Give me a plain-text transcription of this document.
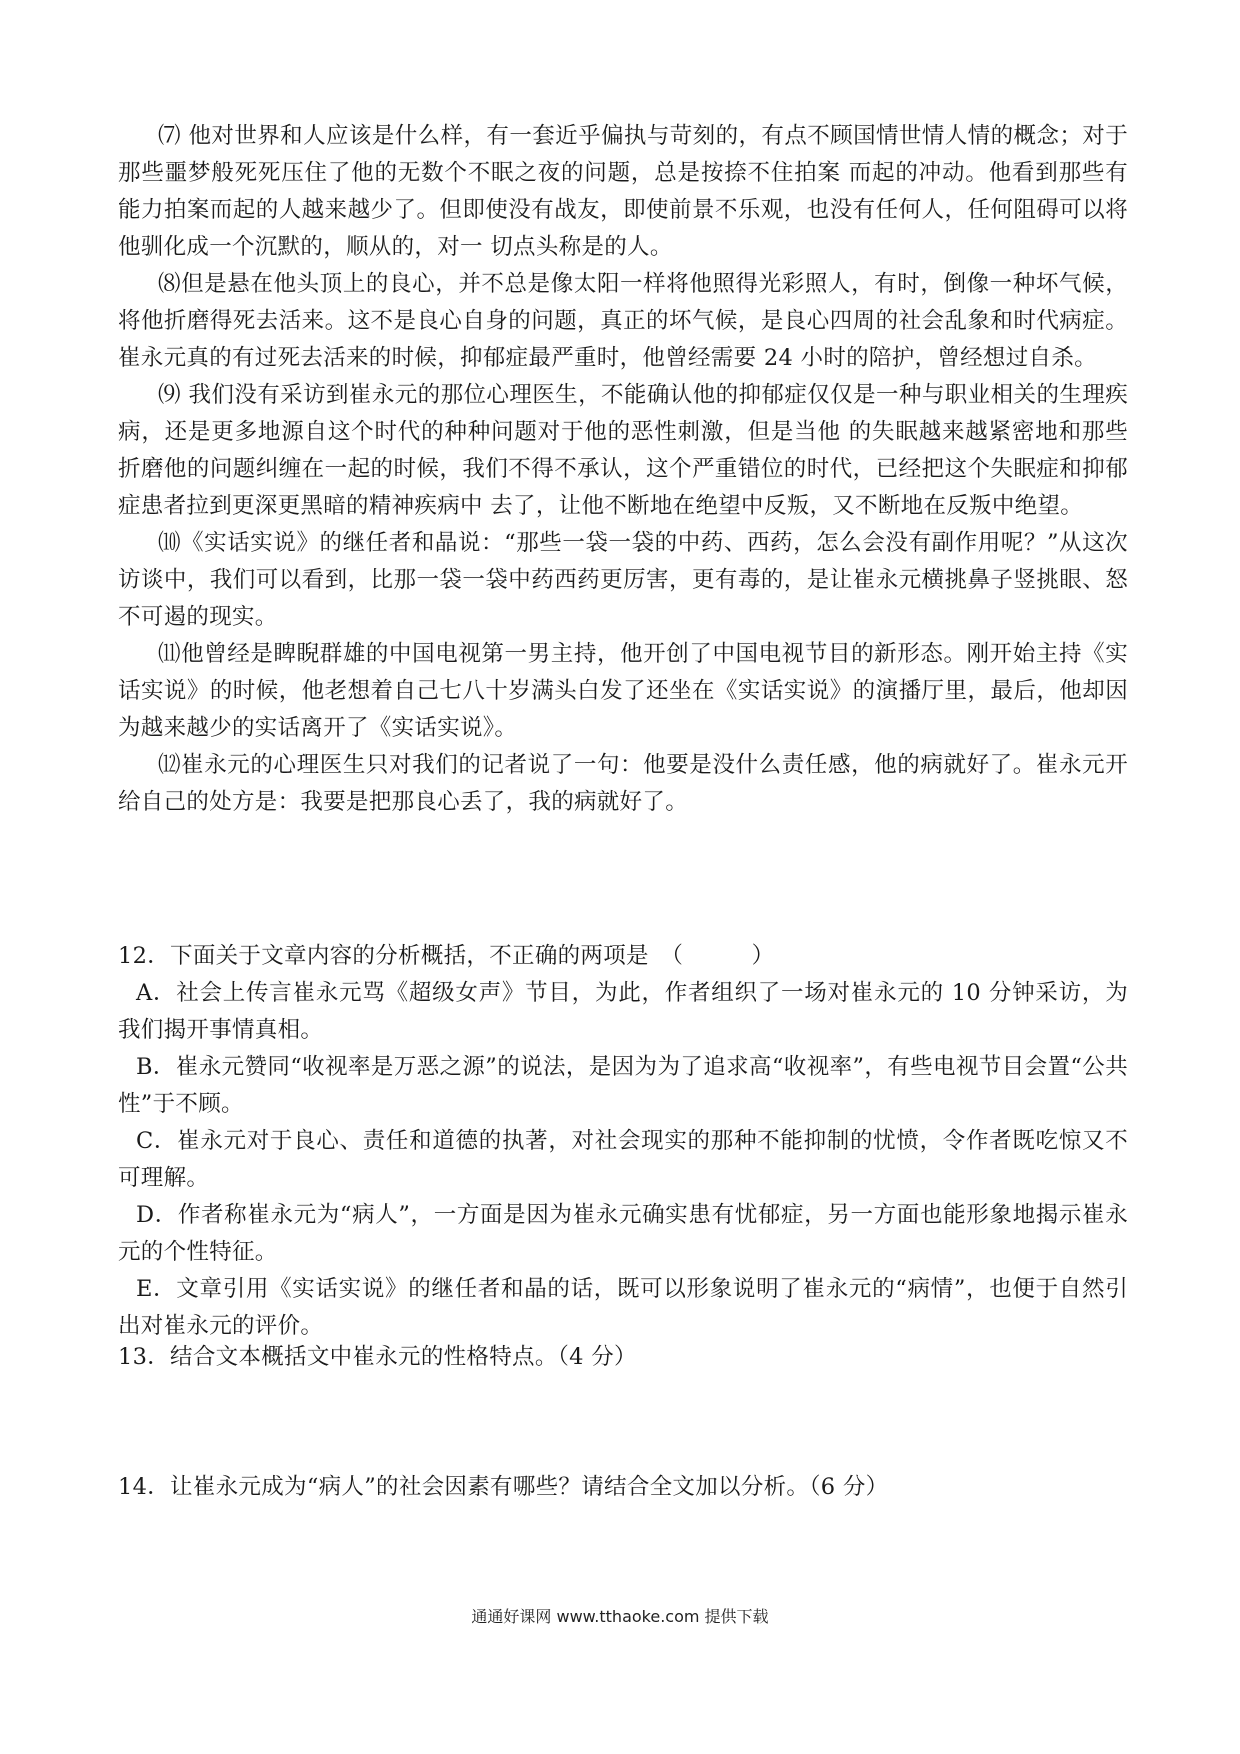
⑺ 他对世界和人应该是什么样，有一套近乎偏执与苛刻的，有点不顾国情世情人情的概念；对于那些噩梦般死死压住了他的无数个不眠之夜的问题，总是按捺不住拍案 而起的冲动。他看到那些有能力拍案而起的人越来越少了。但即使没有战友，即使前景不乐观，也没有任何人，任何阻碍可以将他驯化成一个沉默的，顺从的，对一 切点头称是的人。

⑻但是悬在他头顶上的良心，并不总是像太阳一样将他照得光彩照人，有时，倒像一种坏气候，将他折磨得死去活来。这不是良心自身的问题，真正的坏气候，是良心四周的社会乱象和时代病症。崔永元真的有过死去活来的时候，抑郁症最严重时，他曾经需要 24 小时的陪护，曾经想过自杀。

⑼ 我们没有采访到崔永元的那位心理医生，不能确认他的抑郁症仅仅是一种与职业相关的生理疾病，还是更多地源自这个时代的种种问题对于他的恶性刺激，但是当他 的失眠越来越紧密地和那些折磨他的问题纠缠在一起的时候，我们不得不承认，这个严重错位的时代，已经把这个失眠症和抑郁症患者拉到更深更黑暗的精神疾病中 去了，让他不断地在绝望中反叛，又不断地在反叛中绝望。

⑽《实话实说》的继任者和晶说：“那些一袋一袋的中药、西药，怎么会没有副作用呢？”从这次访谈中，我们可以看到，比那一袋一袋中药西药更厉害，更有毒的，是让崔永元横挑鼻子竖挑眼、怒不可遏的现实。

⑾他曾经是睥睨群雄的中国电视第一男主持，他开创了中国电视节目的新形态。刚开始主持《实话实说》的时候，他老想着自己七八十岁满头白发了还坐在《实话实说》的演播厅里，最后，他却因为越来越少的实话离开了《实话实说》。

⑿崔永元的心理医生只对我们的记者说了一句：他要是没什么责任感，他的病就好了。崔永元开给自己的处方是：我要是把那良心丢了，我的病就好了。

12．下面关于文章内容的分析概括，不正确的两项是　（　　　）

A．社会上传言崔永元骂《超级女声》节目，为此，作者组织了一场对崔永元的 10 分钟采访，为我们揭开事情真相。

B．崔永元赞同“收视率是万恶之源”的说法，是因为为了追求高“收视率”，有些电视节目会置“公共性”于不顾。

C．崔永元对于良心、责任和道德的执著，对社会现实的那种不能抑制的忧愤，令作者既吃惊又不可理解。

D．作者称崔永元为“病人”，一方面是因为崔永元确实患有忧郁症，另一方面也能形象地揭示崔永元的个性特征。

E．文章引用《实话实说》的继任者和晶的话，既可以形象说明了崔永元的“病情”，也便于自然引出对崔永元的评价。

13．结合文本概括文中崔永元的性格特点。（4 分）

14．让崔永元成为“病人”的社会因素有哪些？请结合全文加以分析。（6 分）

通通好课网 www.tthaoke.com 提供下载
